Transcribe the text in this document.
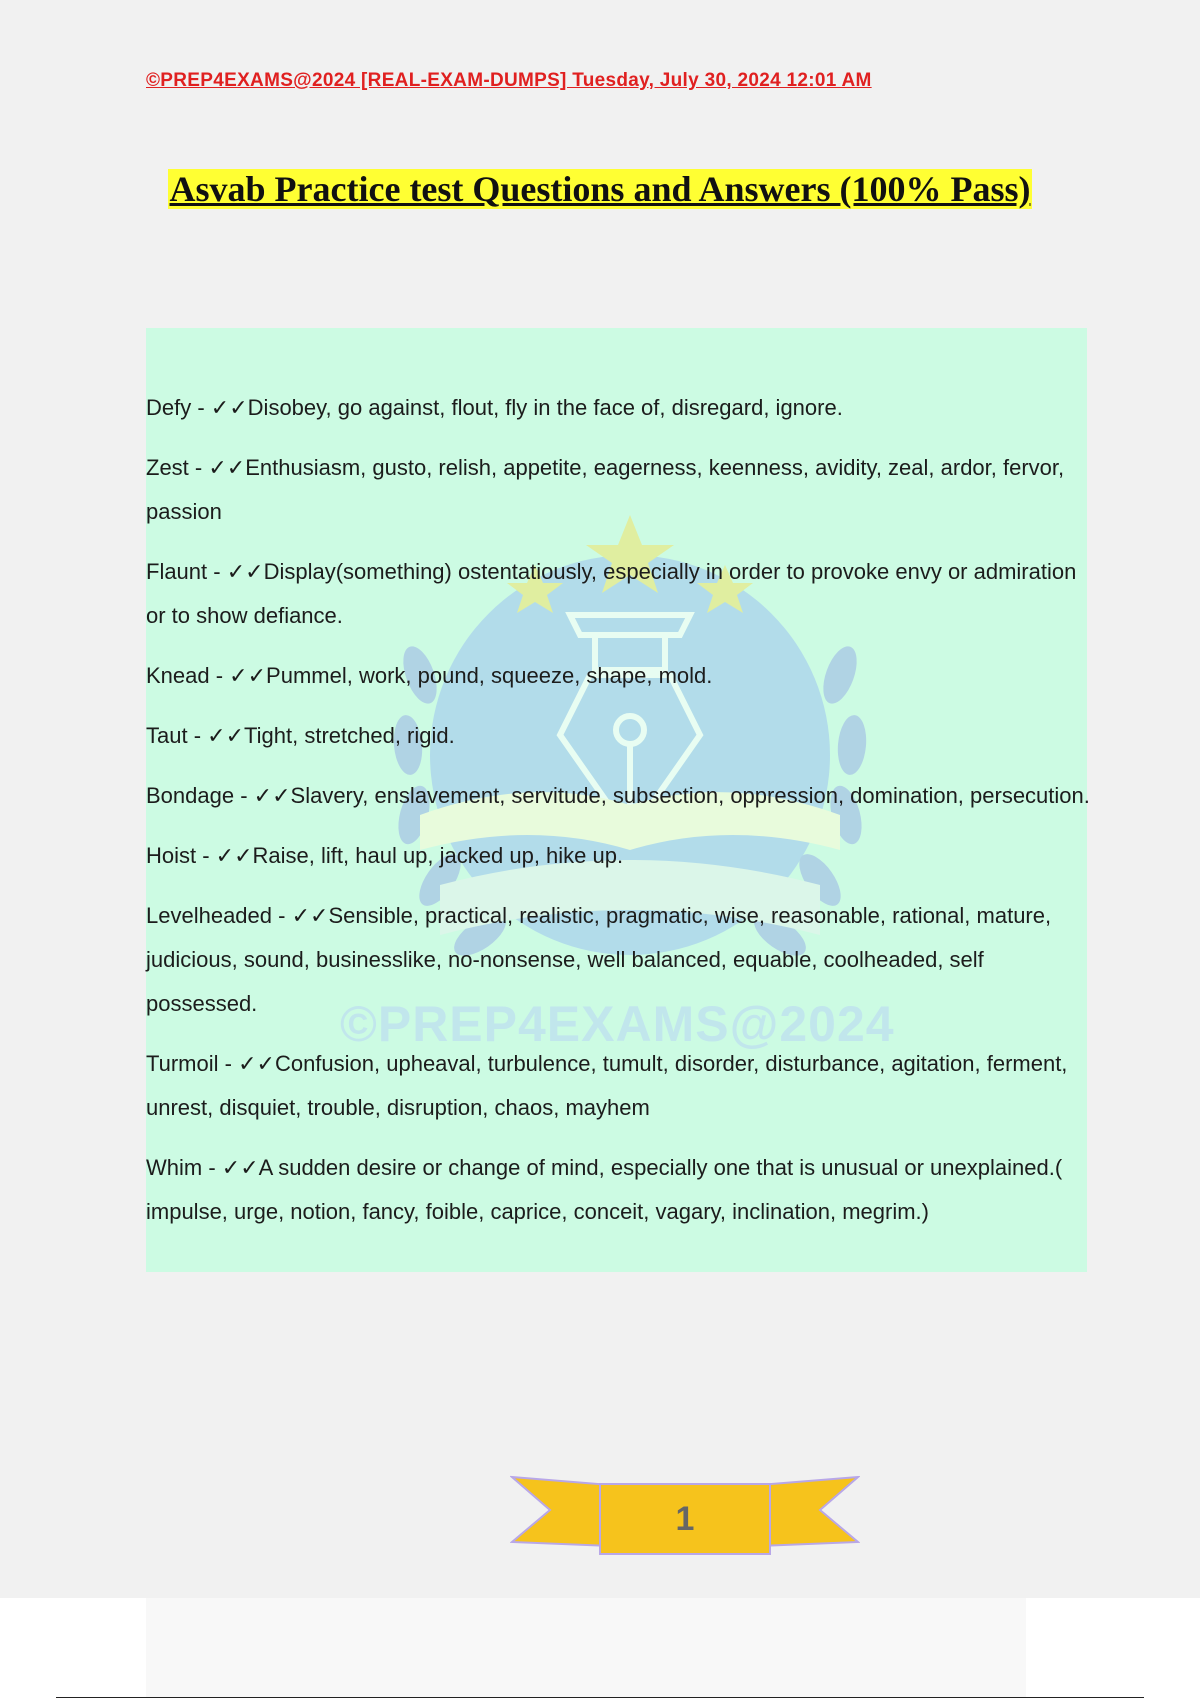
©PREP4EXAMS@2024 [REAL-EXAM-DUMPS] Tuesday, July 30, 2024 12:01 AM
Asvab Practice test Questions and Answers (100% Pass)
©PREP4EXAMS@2024
Defy - ✓✓Disobey, go against, flout, fly in the face of, disregard, ignore.
Zest - ✓✓Enthusiasm, gusto, relish, appetite, eagerness, keenness, avidity, zeal, ardor, fervor, passion
Flaunt - ✓✓Display(something) ostentatiously, especially in order to provoke envy or admiration or to show defiance.
Knead - ✓✓Pummel, work, pound, squeeze, shape, mold.
Taut - ✓✓Tight, stretched, rigid.
Bondage - ✓✓Slavery, enslavement, servitude, subsection, oppression, domination, persecution.
Hoist - ✓✓Raise, lift, haul up, jacked up, hike up.
Levelheaded - ✓✓Sensible, practical, realistic, pragmatic, wise, reasonable, rational, mature, judicious, sound, businesslike, no-nonsense, well balanced, equable, coolheaded, self possessed.
Turmoil - ✓✓Confusion, upheaval, turbulence, tumult, disorder, disturbance, agitation, ferment, unrest, disquiet, trouble, disruption, chaos, mayhem
Whim - ✓✓A sudden desire or change of mind, especially one that is unusual or unexplained.( impulse, urge, notion, fancy, foible, caprice, conceit, vagary, inclination, megrim.)
1
